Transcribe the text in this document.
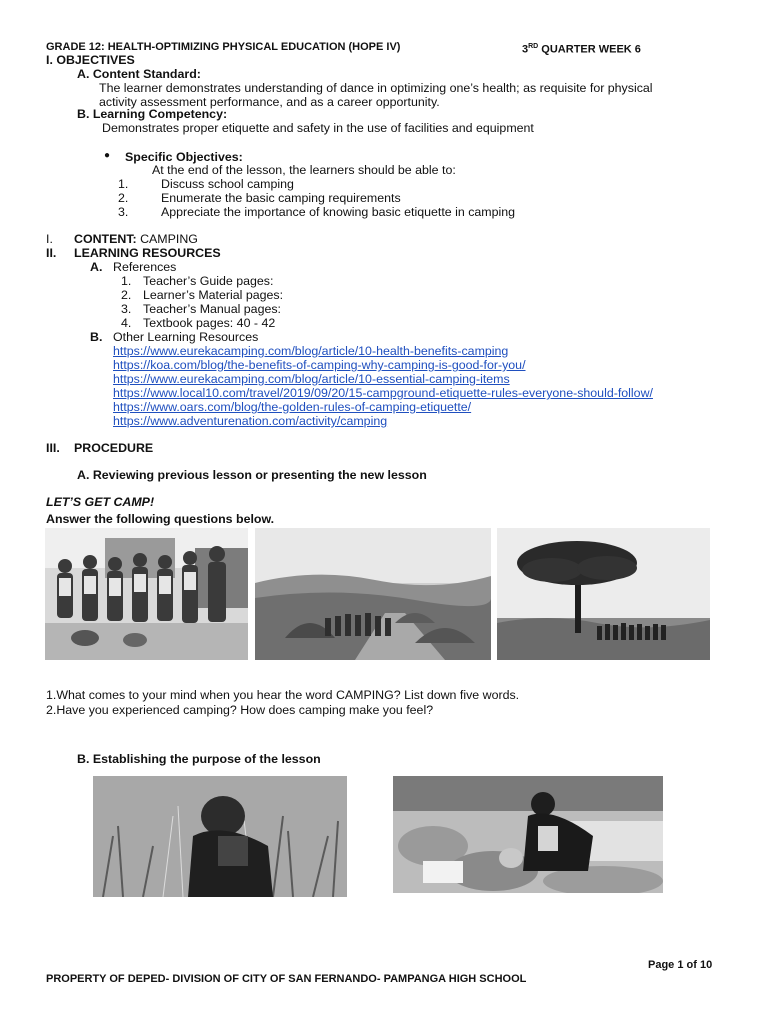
GRADE 12: HEALTH-OPTIMIZING PHYSICAL EDUCATION (HOPE IV)	3RD QUARTER WEEK 6
I. OBJECTIVES
A. Content Standard:
The learner demonstrates understanding of dance in optimizing one’s health; as requisite for physical
activity assessment performance, and as a career opportunity.
B. Learning Competency:
Demonstrates proper etiquette and safety in the use of facilities and equipment
● Specific Objectives:
At the end of the lesson, the learners should be able to:
1.	Discuss school camping
2.	Enumerate the basic camping requirements
3.	Appreciate the importance of knowing basic etiquette in camping
I. CONTENT: CAMPING
II. LEARNING RESOURCES
A. References
1. Teacher’s Guide pages:
2. Learner’s Material pages:
3. Teacher’s Manual pages:
4. Textbook pages: 40 - 42
B. Other Learning Resources
https://www.eurekacamping.com/blog/article/10-health-benefits-camping
https://koa.com/blog/the-benefits-of-camping-why-camping-is-good-for-you/
https://www.eurekacamping.com/blog/article/10-essential-camping-items
https://www.local10.com/travel/2019/09/20/15-campground-etiquette-rules-everyone-should-follow/
https://www.oars.com/blog/the-golden-rules-of-camping-etiquette/
https://www.adventurenation.com/activity/camping
III. PROCEDURE
A. Reviewing previous lesson or presenting the new lesson
LET’S GET CAMP!
Answer the following questions below.
1.What comes to your mind when you hear the word CAMPING? List down five words.
2.Have you experienced camping? How does camping make you feel?
B. Establishing the purpose of the lesson
Page 1 of 10
PROPERTY OF DEPED- DIVISION OF CITY OF SAN FERNANDO- PAMPANGA HIGH SCHOOL
